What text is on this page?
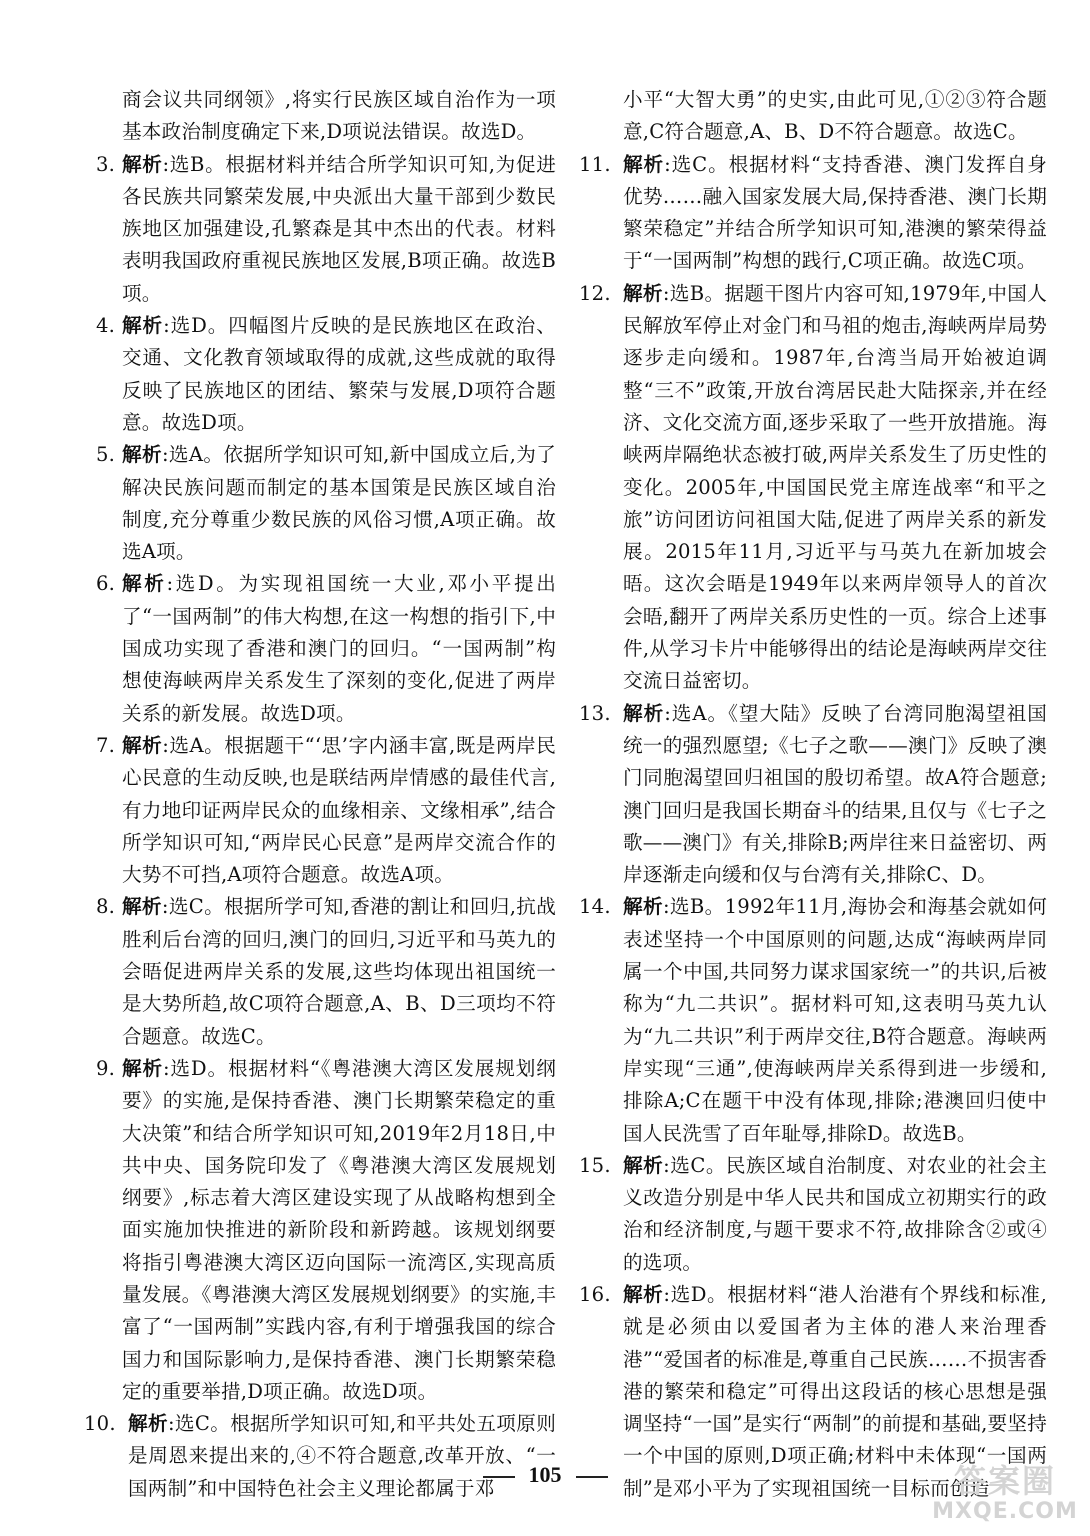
商会议共同纲领》,将实行民族区域自治作为一项基本政治制度确定下来,D项说法错误。故选D。
3. 解析:选B。根据材料并结合所学知识可知,为促进各民族共同繁荣发展,中央派出大量干部到少数民族地区加强建设,孔繁森是其中杰出的代表。材料表明我国政府重视民族地区发展,B项正确。故选B项。
4. 解析:选D。四幅图片反映的是民族地区在政治、交通、文化教育领域取得的成就,这些成就的取得反映了民族地区的团结、繁荣与发展,D项符合题意。故选D项。
5. 解析:选A。依据所学知识可知,新中国成立后,为了解决民族问题而制定的基本国策是民族区域自治制度,充分尊重少数民族的风俗习惯,A项正确。故选A项。
6. 解析:选D。为实现祖国统一大业,邓小平提出了“一国两制”的伟大构想,在这一构想的指引下,中国成功实现了香港和澳门的回归。“一国两制”构想使海峡两岸关系发生了深刻的变化,促进了两岸关系的新发展。故选D项。
7. 解析:选A。根据题干“‘思’字内涵丰富,既是两岸民心民意的生动反映,也是联结两岸情感的最佳代言,有力地印证两岸民众的血缘相亲、文缘相承”,结合所学知识可知,“两岸民心民意”是两岸交流合作的大势不可挡,A项符合题意。故选A项。
8. 解析:选C。根据所学可知,香港的割让和回归,抗战胜利后台湾的回归,澳门的回归,习近平和马英九的会晤促进两岸关系的发展,这些均体现出祖国统一是大势所趋,故C项符合题意,A、B、D三项均不符合题意。故选C。
9. 解析:选D。根据材料“《粤港澳大湾区发展规划纲要》的实施,是保持香港、澳门长期繁荣稳定的重大决策”和结合所学知识可知,2019年2月18日,中共中央、国务院印发了《粤港澳大湾区发展规划纲要》,标志着大湾区建设实现了从战略构想到全面实施加快推进的新阶段和新跨越。该规划纲要将指引粤港澳大湾区迈向国际一流湾区,实现高质量发展。《粤港澳大湾区发展规划纲要》的实施,丰富了“一国两制”实践内容,有利于增强我国的综合国力和国际影响力,是保持香港、澳门长期繁荣稳定的重要举措,D项正确。故选D项。
10. 解析:选C。根据所学知识可知,和平共处五项原则是周恩来提出来的,④不符合题意,改革开放、“一国两制”和中国特色社会主义理论都属于邓
小平“大智大勇”的史实,由此可见,①②③符合题意,C符合题意,A、B、D不符合题意。故选C。
11. 解析:选C。根据材料“支持香港、澳门发挥自身优势……融入国家发展大局,保持香港、澳门长期繁荣稳定”并结合所学知识可知,港澳的繁荣得益于“一国两制”构想的践行,C项正确。故选C项。
12. 解析:选B。据题干图片内容可知,1979年,中国人民解放军停止对金门和马祖的炮击,海峡两岸局势逐步走向缓和。1987年,台湾当局开始被迫调整“三不”政策,开放台湾居民赴大陆探亲,并在经济、文化交流方面,逐步采取了一些开放措施。海峡两岸隔绝状态被打破,两岸关系发生了历史性的变化。2005年,中国国民党主席连战率“和平之旅”访问团访问祖国大陆,促进了两岸关系的新发展。2015年11月,习近平与马英九在新加坡会晤。这次会晤是1949年以来两岸领导人的首次会晤,翻开了两岸关系历史性的一页。综合上述事件,从学习卡片中能够得出的结论是海峡两岸交往交流日益密切。
13. 解析:选A。《望大陆》反映了台湾同胞渴望祖国统一的强烈愿望;《七子之歌——澳门》反映了澳门同胞渴望回归祖国的殷切希望。故A符合题意;澳门回归是我国长期奋斗的结果,且仅与《七子之歌——澳门》有关,排除B;两岸往来日益密切、两岸逐渐走向缓和仅与台湾有关,排除C、D。
14. 解析:选B。1992年11月,海协会和海基会就如何表述坚持一个中国原则的问题,达成“海峡两岸同属一个中国,共同努力谋求国家统一”的共识,后被称为“九二共识”。据材料可知,这表明马英九认为“九二共识”利于两岸交往,B符合题意。海峡两岸实现“三通”,使海峡两岸关系得到进一步缓和,排除A;C在题干中没有体现,排除;港澳回归使中国人民洗雪了百年耻辱,排除D。故选B。
15. 解析:选C。民族区域自治制度、对农业的社会主义改造分别是中华人民共和国成立初期实行的政治和经济制度,与题干要求不符,故排除含②或④的选项。
16. 解析:选D。根据材料“港人治港有个界线和标准,就是必须由以爱国者为主体的港人来治理香港”“爱国者的标准是,尊重自己民族……不损害香港的繁荣和稳定”可得出这段话的核心思想是强调坚持“一国”是实行“两制”的前提和基础,要坚持一个中国的原则,D项正确;材料中未体现“一国两制”是邓小平为了实现祖国统一目标而创造
105	答案圈
MXQE.COM
